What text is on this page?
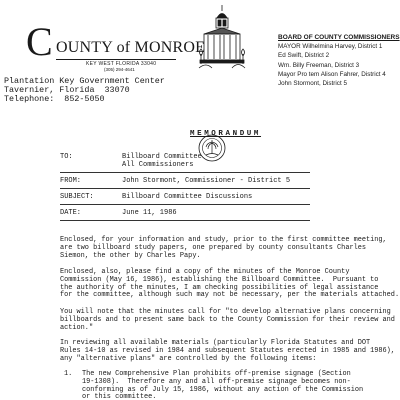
C OUNTY of MONROE
KEY WEST FLORIDA 33040
(305) 294-4641
BOARD OF COUNTY COMMISSIONERS
MAYOR Wilhelmina Harvey, District 1
Ed Swift, District 2
Wm. Billy Freeman, District 3
Mayor Pro tem Alison Fahrer, District 4
John Stormont, District 5
Plantation Key Government Center
Tavernier, Florida  33070
Telephone:  852-5050
MEMORANDUM
TO:	Billboard Committee
All Commissioners
FROM:	John Stormont, Commissioner - District 5
SUBJECT:	Billboard Committee Discussions
DATE:	June 11, 1986
Enclosed, for your information and study, prior to the first committee meeting,
are two billboard study papers, one prepared by county consultants Charles
Siemon, the other by Charles Papy.
Enclosed, also, please find a copy of the minutes of the Monroe County
Commission (May 16, 1986), establishing the Billboard Committee.  Pursuant to
the authority of the minutes, I am checking possibilities of legal assistance
for the committee, although such may not be necessary, per the materials attached.
You will note that the minutes call for "to develop alternative plans concerning
billboards and to present same back to the County Commission for their review and
action."
In reviewing all available materials (particularly Florida Statutes and DOT
Rules 14-10 as revised in 1984 and subsequent Statutes erected in 1985 and 1986),
any "alternative plans" are controlled by the following items:
1.	The new Comprehensive Plan prohibits off-premise signage (Section
19-1308).  Therefore any and all off-premise signage becomes non-
conforming as of July 15, 1986, without any action of the Commission
or this committee.
